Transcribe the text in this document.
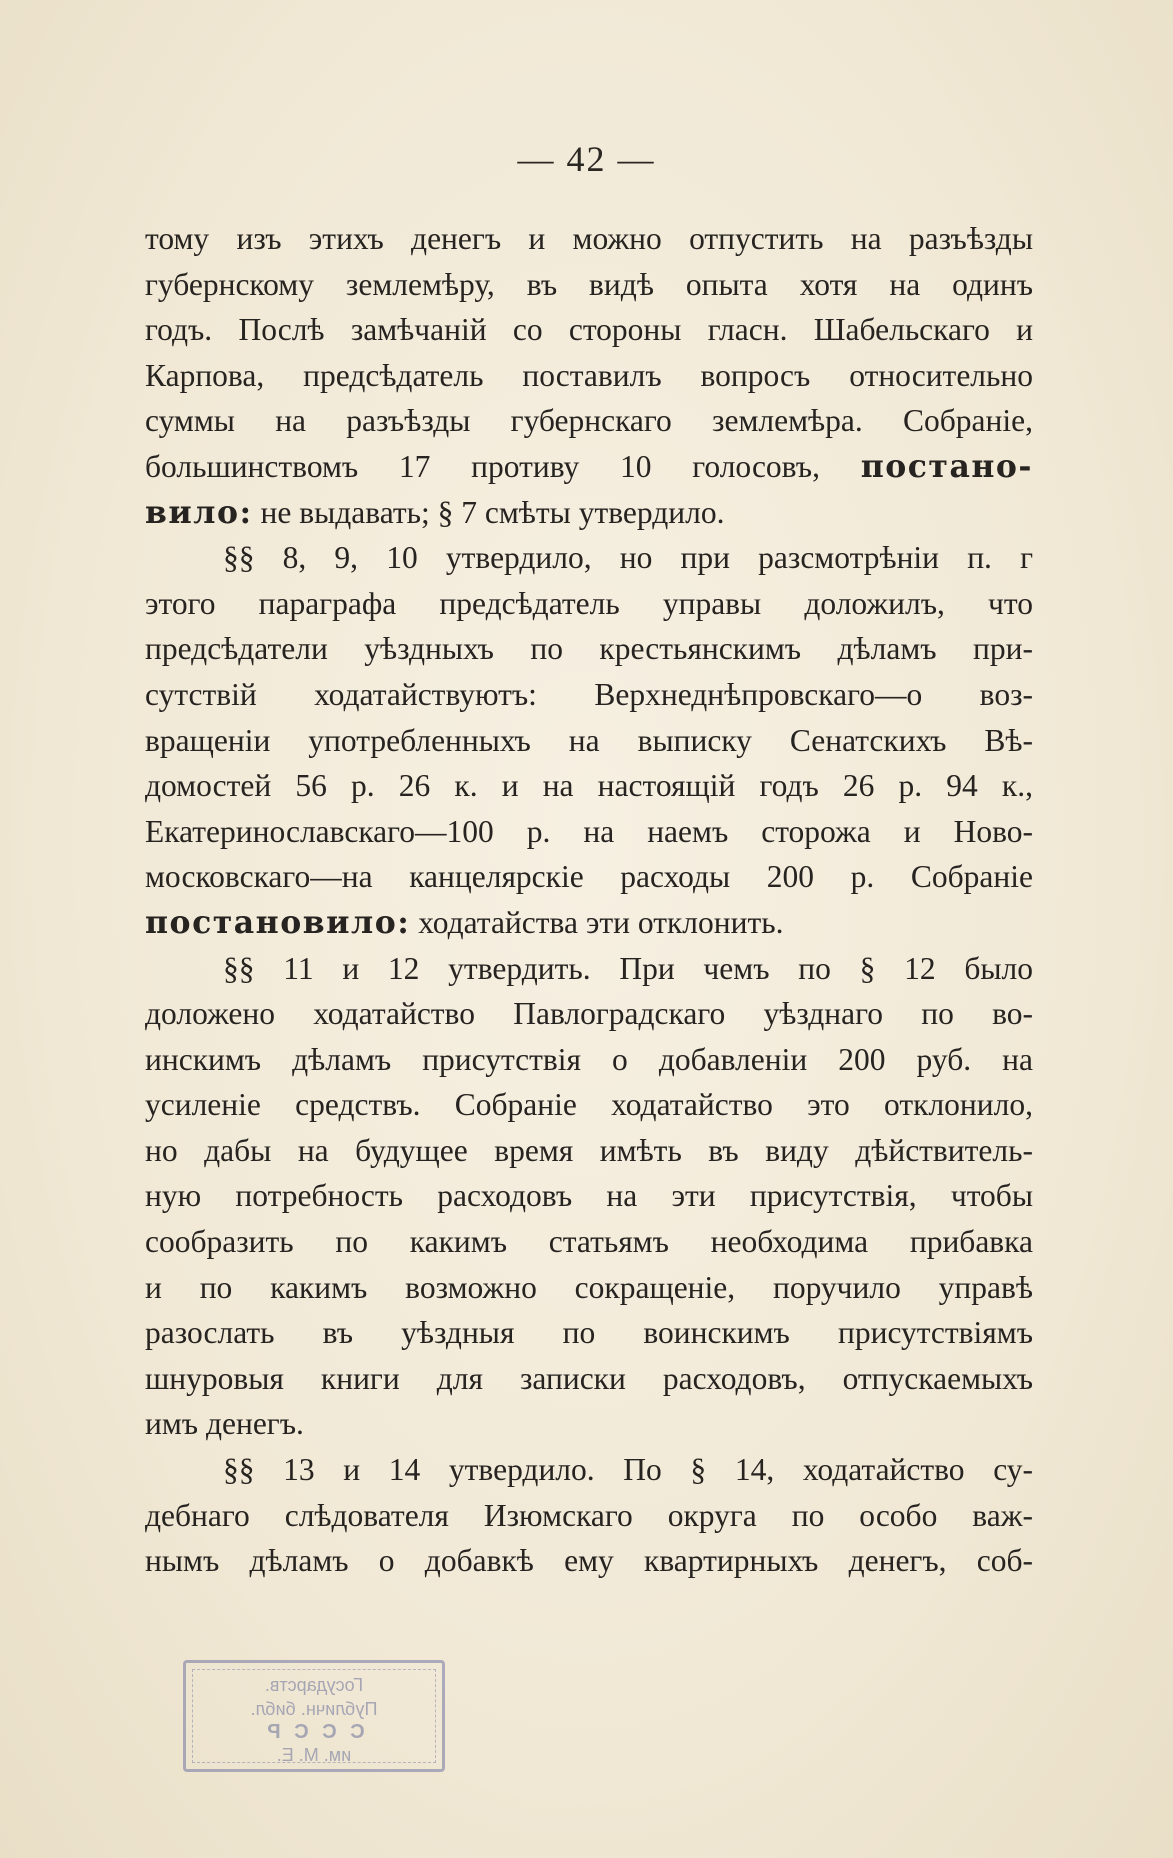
— 42 —
тому изъ этихъ денегъ и можно отпустить на разъѣзды
губернскому землемѣру, въ видѣ опыта хотя на одинъ
годъ. Послѣ замѣчаній со стороны гласн. Шабельскаго и
Карпова, предсѣдатель поставилъ вопросъ относительно
суммы на разъѣзды губернскаго землемѣра. Собраніе,
большинствомъ 17 противу 10 голосовъ, постано-
вило: не выдавать; § 7 смѣты утвердило.
§§ 8, 9, 10 утвердило, но при разсмотрѣніи п. г
этого параграфа предсѣдатель управы доложилъ, что
предсѣдатели уѣздныхъ по крестьянскимъ дѣламъ при-
сутствій ходатайствуютъ: Верхнеднѣпровскаго—о воз-
вращеніи употребленныхъ на выписку Сенатскихъ Вѣ-
домостей 56 р. 26 к. и на настоящій годъ 26 р. 94 к.,
Екатеринославскаго—100 р. на наемъ сторожа и Ново-
московскаго—на канцелярскіе расходы 200 р. Собраніе
постановило: ходатайства эти отклонить.
§§ 11 и 12 утвердить. При чемъ по § 12 было
доложено ходатайство Павлоградскаго уѣзднаго по во-
инскимъ дѣламъ присутствія о добавленіи 200 руб. на
усиленіе средствъ. Собраніе ходатайство это отклонило,
но дабы на будущее время имѣть въ виду дѣйствитель-
ную потребность расходовъ на эти присутствія, чтобы
сообразить по какимъ статьямъ необходима прибавка
и по какимъ возможно сокращеніе, поручило управѣ
разослать въ уѣздныя по воинскимъ присутствіямъ
шнуровыя книги для записки расходовъ, отпускаемыхъ
имъ денегъ.
§§ 13 и 14 утвердило. По § 14, ходатайство су-
дебнаго слѣдователя Изюмскаго округа по особо важ-
нымъ дѣламъ о добавкѣ ему квартирныхъ денегъ, соб-
Государств.
Публичн. библ.
С С С Р
им. М. Е.
